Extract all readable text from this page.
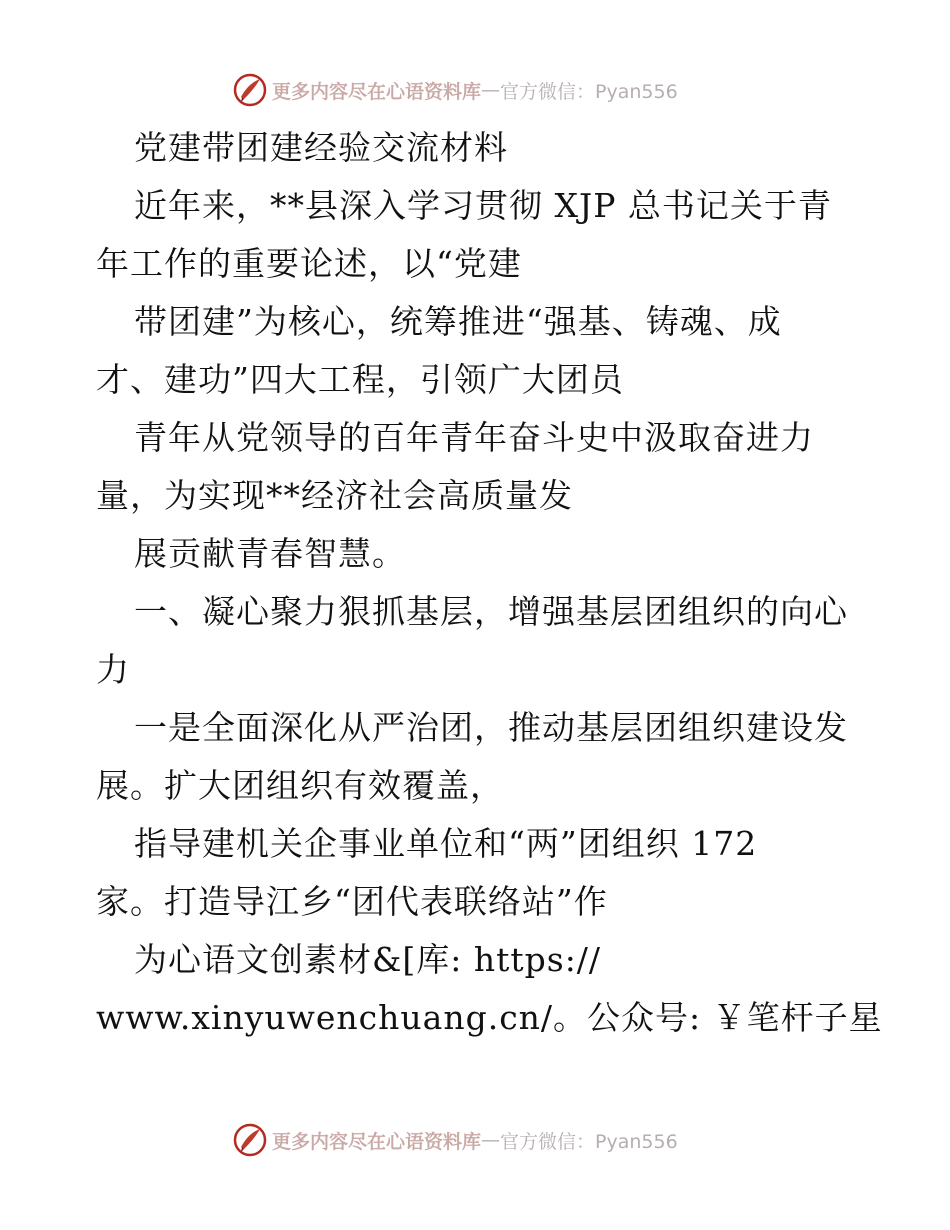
更多内容尽在心语资料库 — 官方微信：Pyan556
党建带团建经验交流材料
近年来，**县深入学习贯彻 XJP 总书记关于青
年工作的重要论述，以“党建
带团建”为核心，统筹推进“强基、铸魂、成
才、建功”四大工程，引领广大团员
青年从党领导的百年青年奋斗史中汲取奋进力
量，为实现**经济社会高质量发
展贡献青春智慧。
一、凝心聚力狠抓基层，增强基层团组织的向心
力
一是全面深化从严治团，推动基层团组织建设发
展。扩大团组织有效覆盖，
指导建机关企事业单位和“两”团组织 172
家。打造导江乡“团代表联络站”作
为心语文创素材&[库: https://
www.xinyuwenchuang.cn/。公众号: ￥笔杆子星
更多内容尽在心语资料库 — 官方微信：Pyan556
